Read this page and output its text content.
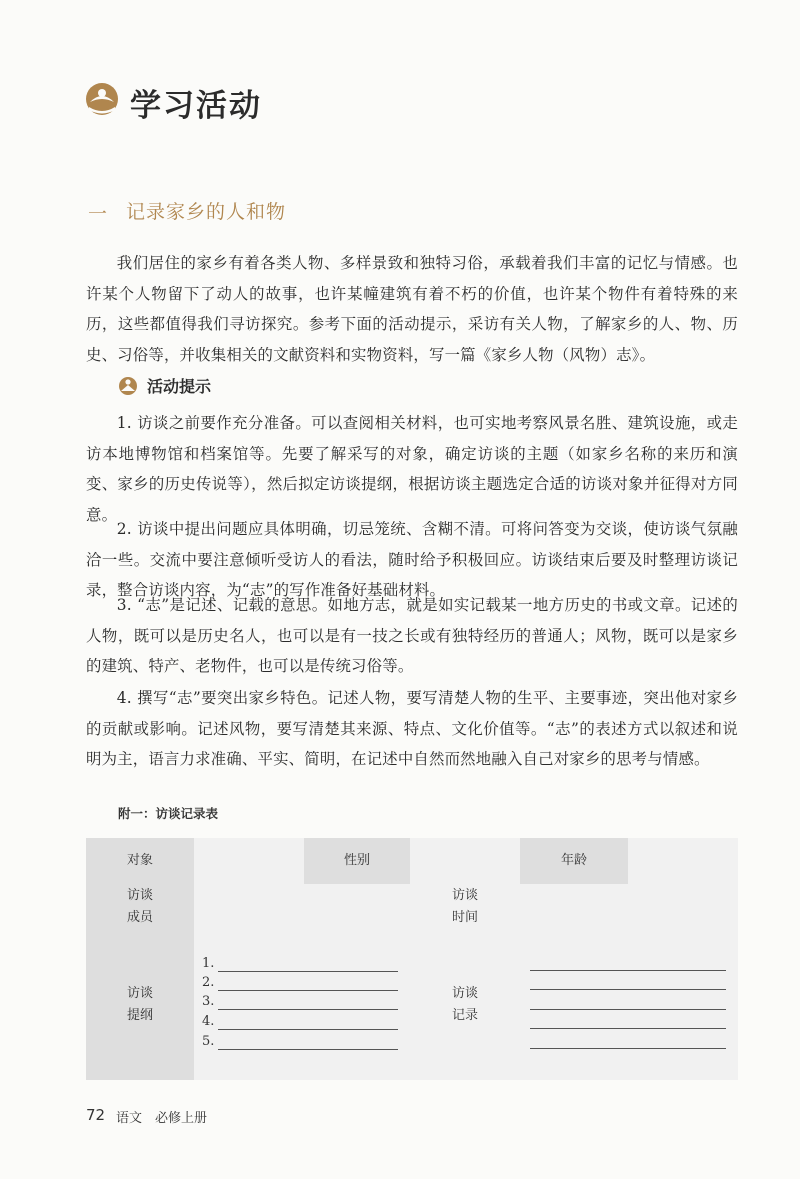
学习活动
一 记录家乡的人和物
我们居住的家乡有着各类人物、多样景致和独特习俗，承载着我们丰富的记忆与情感。也许某个人物留下了动人的故事，也许某幢建筑有着不朽的价值，也许某个物件有着特殊的来历，这些都值得我们寻访探究。参考下面的活动提示，采访有关人物，了解家乡的人、物、历史、习俗等，并收集相关的文献资料和实物资料，写一篇《家乡人物（风物）志》。
活动提示
1. 访谈之前要作充分准备。可以查阅相关材料，也可实地考察风景名胜、建筑设施，或走访本地博物馆和档案馆等。先要了解采写的对象，确定访谈的主题（如家乡名称的来历和演变、家乡的历史传说等），然后拟定访谈提纲，根据访谈主题选定合适的访谈对象并征得对方同意。
2. 访谈中提出问题应具体明确，切忌笼统、含糊不清。可将问答变为交谈，使访谈气氛融洽一些。交流中要注意倾听受访人的看法，随时给予积极回应。访谈结束后要及时整理访谈记录，整合访谈内容，为“志”的写作准备好基础材料。
3. “志”是记述、记载的意思。如地方志，就是如实记载某一地方历史的书或文章。记述的人物，既可以是历史名人，也可以是有一技之长或有独特经历的普通人；风物，既可以是家乡的建筑、特产、老物件，也可以是传统习俗等。
4. 撰写“志”要突出家乡特色。记述人物，要写清楚人物的生平、主要事迹，突出他对家乡的贡献或影响。记述风物，要写清楚其来源、特点、文化价值等。“志”的表述方式以叙述和说明为主，语言力求准确、平实、简明，在记述中自然而然地融入自己对家乡的思考与情感。
附一：访谈记录表
对象	性别	年龄
访谈
成员
访谈
时间
访谈
提纲
1.
2.
3.
4.
5.
访谈
记录
72 语文　必修上册
